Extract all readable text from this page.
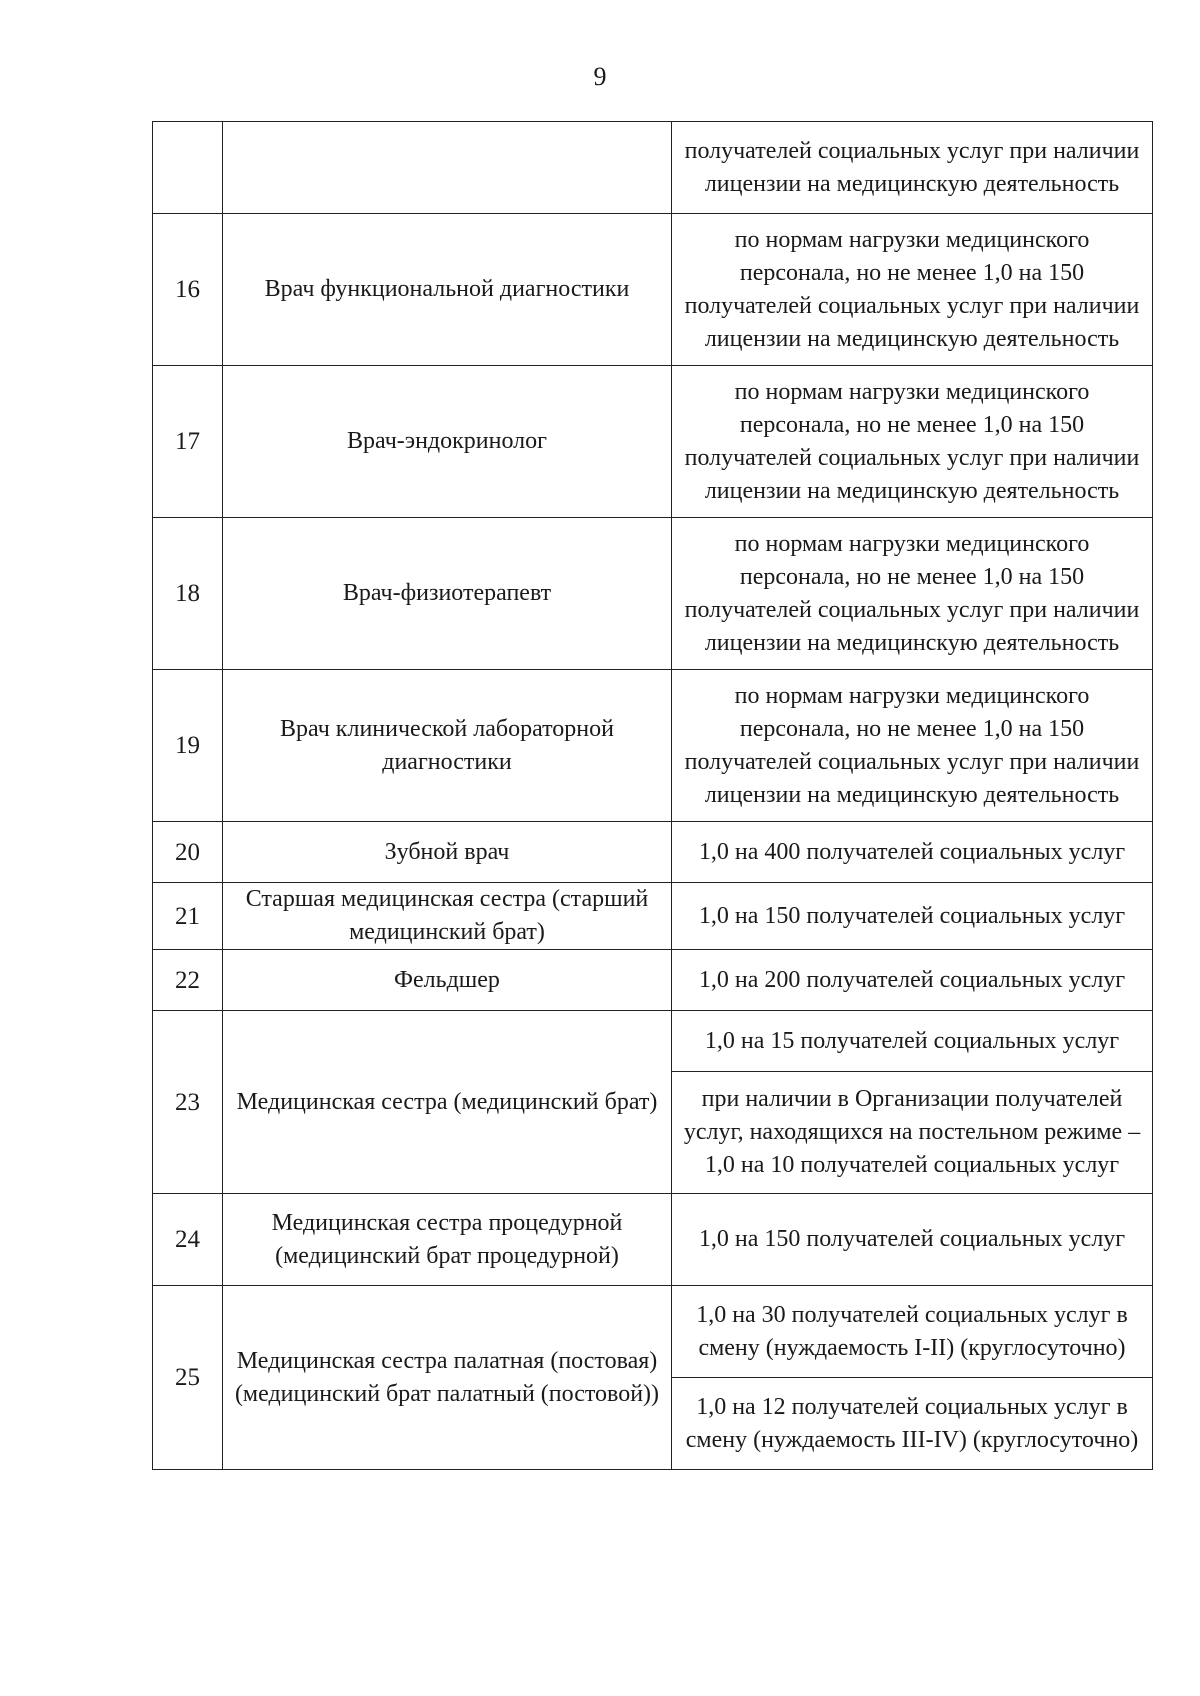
9
		получателей социальных услуг при наличии лицензии на медицинскую деятельность
16	Врач функциональной диагностики	по нормам нагрузки медицинского персонала, но не менее 1,0 на 150 получателей социальных услуг при наличии лицензии на медицинскую деятельность
17	Врач-эндокринолог	по нормам нагрузки медицинского персонала, но не менее 1,0 на 150 получателей социальных услуг при наличии лицензии на медицинскую деятельность
18	Врач-физиотерапевт	по нормам нагрузки медицинского персонала, но не менее 1,0 на 150 получателей социальных услуг при наличии лицензии на медицинскую деятельность
19	Врач клинической лабораторной диагностики	по нормам нагрузки медицинского персонала, но не менее 1,0 на 150 получателей социальных услуг при наличии лицензии на медицинскую деятельность
20	Зубной врач	1,0 на 400 получателей социальных услуг
21	Старшая медицинская сестра (старший медицинский брат)	1,0 на 150 получателей социальных услуг
22	Фельдшер	1,0 на 200 получателей социальных услуг
23	Медицинская сестра (медицинский брат)	1,0 на 15 получателей социальных услуг
		при наличии в Организации получателей услуг, находящихся на постельном режиме – 1,0 на 10 получателей социальных услуг
24	Медицинская сестра процедурной (медицинский брат процедурной)	1,0 на 150 получателей социальных услуг
25	Медицинская сестра палатная (постовая) (медицинский брат палатный (постовой))	1,0 на 30 получателей социальных услуг в смену (нуждаемость I-II) (круглосуточно)
		1,0 на 12 получателей социальных услуг в смену (нуждаемость III-IV) (круглосуточно)
